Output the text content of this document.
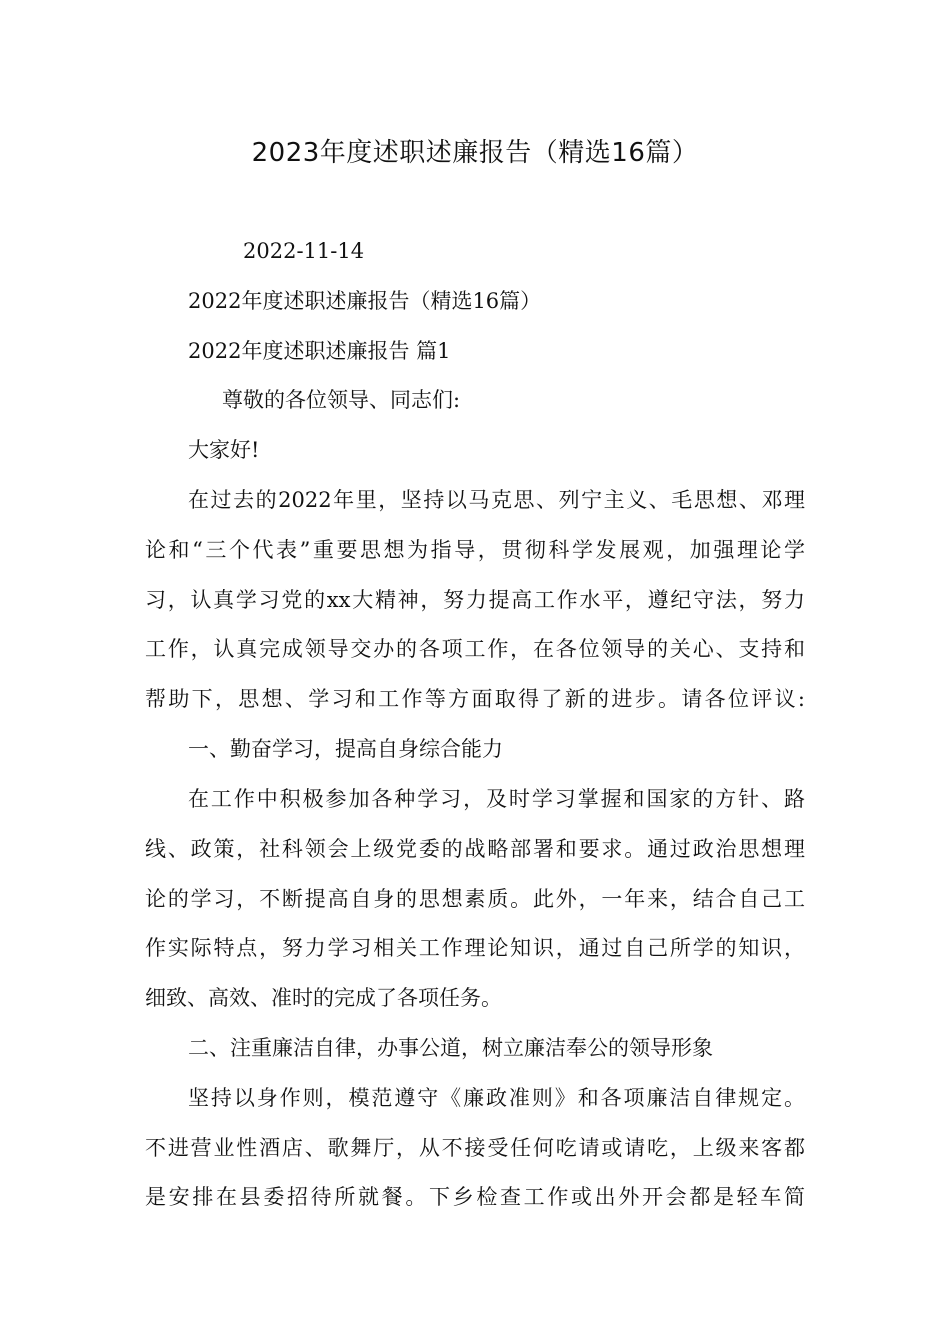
2023年度述职述廉报告（精选16篇）
2022-11-14
2022年度述职述廉报告（精选16篇）
2022年度述职述廉报告 篇1
尊敬的各位领导、同志们:
大家好!
在过去的2022年里，坚持以马克思、列宁主义、毛思想、邓理
论和“三个代表”重要思想为指导，贯彻科学发展观，加强理论学
习，认真学习党的xx大精神，努力提高工作水平，遵纪守法，努力
工作，认真完成领导交办的各项工作，在各位领导的关心、支持和
帮助下，思想、学习和工作等方面取得了新的进步。请各位评议:
一、勤奋学习，提高自身综合能力
在工作中积极参加各种学习，及时学习掌握和国家的方针、路
线、政策，社科领会上级党委的战略部署和要求。通过政治思想理
论的学习，不断提高自身的思想素质。此外，一年来，结合自己工
作实际特点，努力学习相关工作理论知识，通过自己所学的知识，
细致、高效、准时的完成了各项任务。
二、注重廉洁自律，办事公道，树立廉洁奉公的领导形象
坚持以身作则，模范遵守《廉政准则》和各项廉洁自律规定。
不进营业性酒店、歌舞厅，从不接受任何吃请或请吃，上级来客都
是安排在县委招待所就餐。下乡检查工作或出外开会都是轻车简
